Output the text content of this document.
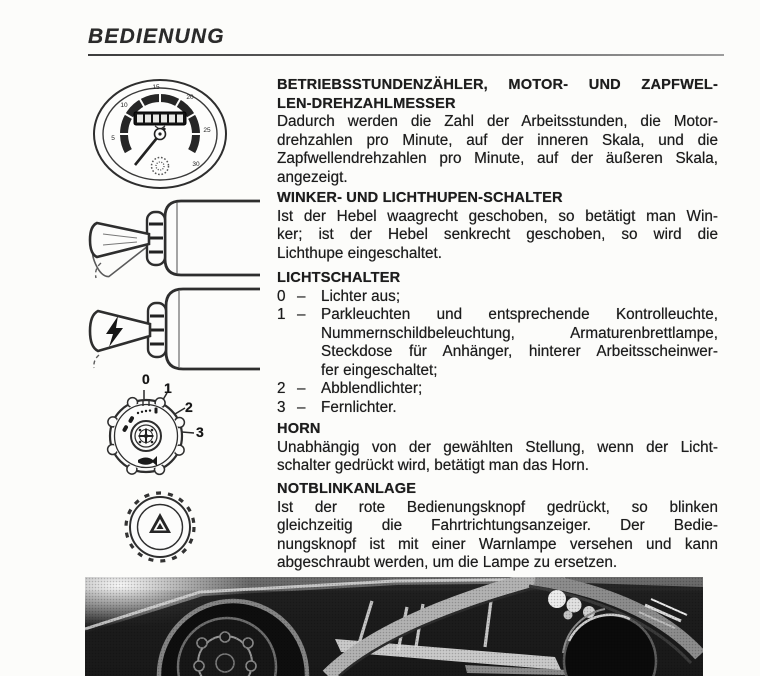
BEDIENUNG
5
10
15
20
25
30
0
1
2
3
BETRIEBSSTUNDENZÄHLER, MOTOR- UND ZAPFWEL-
LEN-DREHZAHLMESSER
Dadurch werden die Zahl der Arbeitsstunden, die Motor-
drehzahlen pro Minute, auf der inneren Skala, und die
Zapfwellendrehzahlen pro Minute, auf der äußeren Skala,
angezeigt.
WINKER- UND LICHTHUPEN-SCHALTER
Ist der Hebel waagrecht geschoben, so betätigt man Win-
ker; ist der Hebel senkrecht geschoben, so wird die
Lichthupe eingeschaltet.
LICHTSCHALTER
0 –	Lichter aus;
1 –	Parkleuchten und entsprechende Kontrolleuchte,
Nummernschildbeleuchtung, Armaturenbrettlampe,
Steckdose für Anhänger, hinterer Arbeitsscheinwer-
fer eingeschaltet;
2 –	Abblendlichter;
3 –	Fernlichter.
HORN
Unabhängig von der gewählten Stellung, wenn der Licht-
schalter gedrückt wird, betätigt man das Horn.
NOTBLINKANLAGE
Ist der rote Bedienungsknopf gedrückt, so blinken
gleichzeitig die Fahrtrichtungsanzeiger. Der Bedie-
nungsknopf ist mit einer Warnlampe versehen und kann
abgeschraubt werden, um die Lampe zu ersetzen.
